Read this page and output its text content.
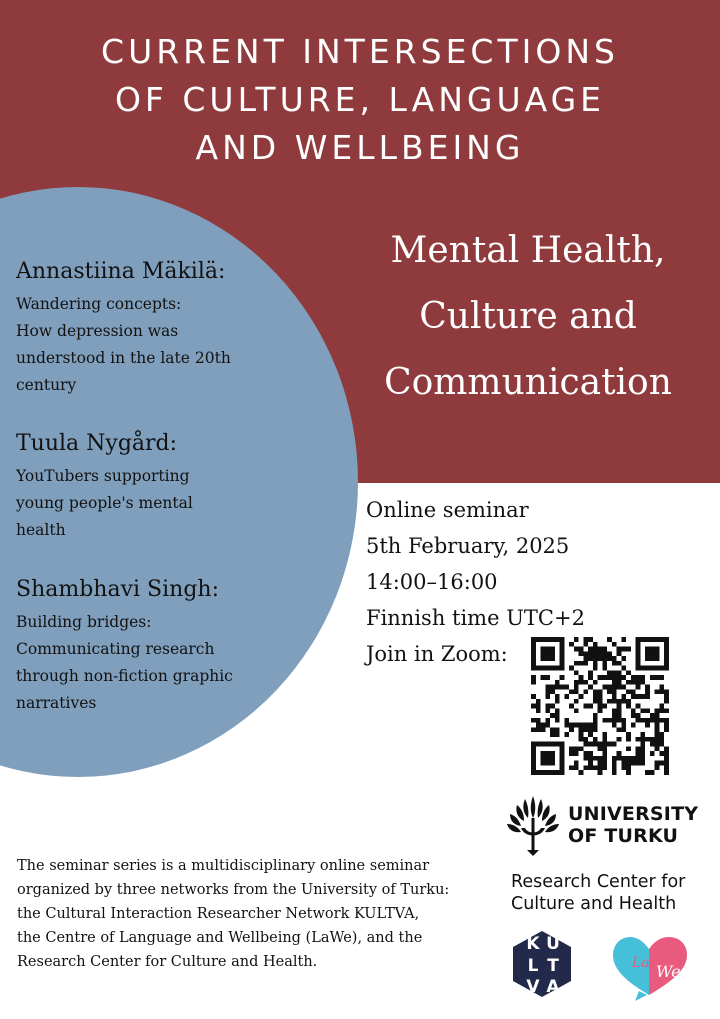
CURRENT INTERSECTIONS
OF CULTURE, LANGUAGE
AND WELLBEING
Mental Health,
Culture and
Communication
Annastiina Mäkilä:
Wandering concepts:
How depression was
understood in the late 20th
century
Tuula Nygård:
YouTubers supporting
young people's mental
health
Shambhavi Singh:
Building bridges:
Communicating research
through non-fiction graphic
narratives
Online seminar
5th February, 2025
14:00–16:00
Finnish time UTC+2
Join in Zoom:
The seminar series is a multidisciplinary online seminar
organized by three networks from the University of Turku:
the Cultural Interaction Researcher Network KULTVA,
the Centre of Language and Wellbeing (LaWe), and the
Research Center for Culture and Health.
UNIVERSITY
OF TURKU
Research Center for
Culture and Health
K U
L T
V A
La We
